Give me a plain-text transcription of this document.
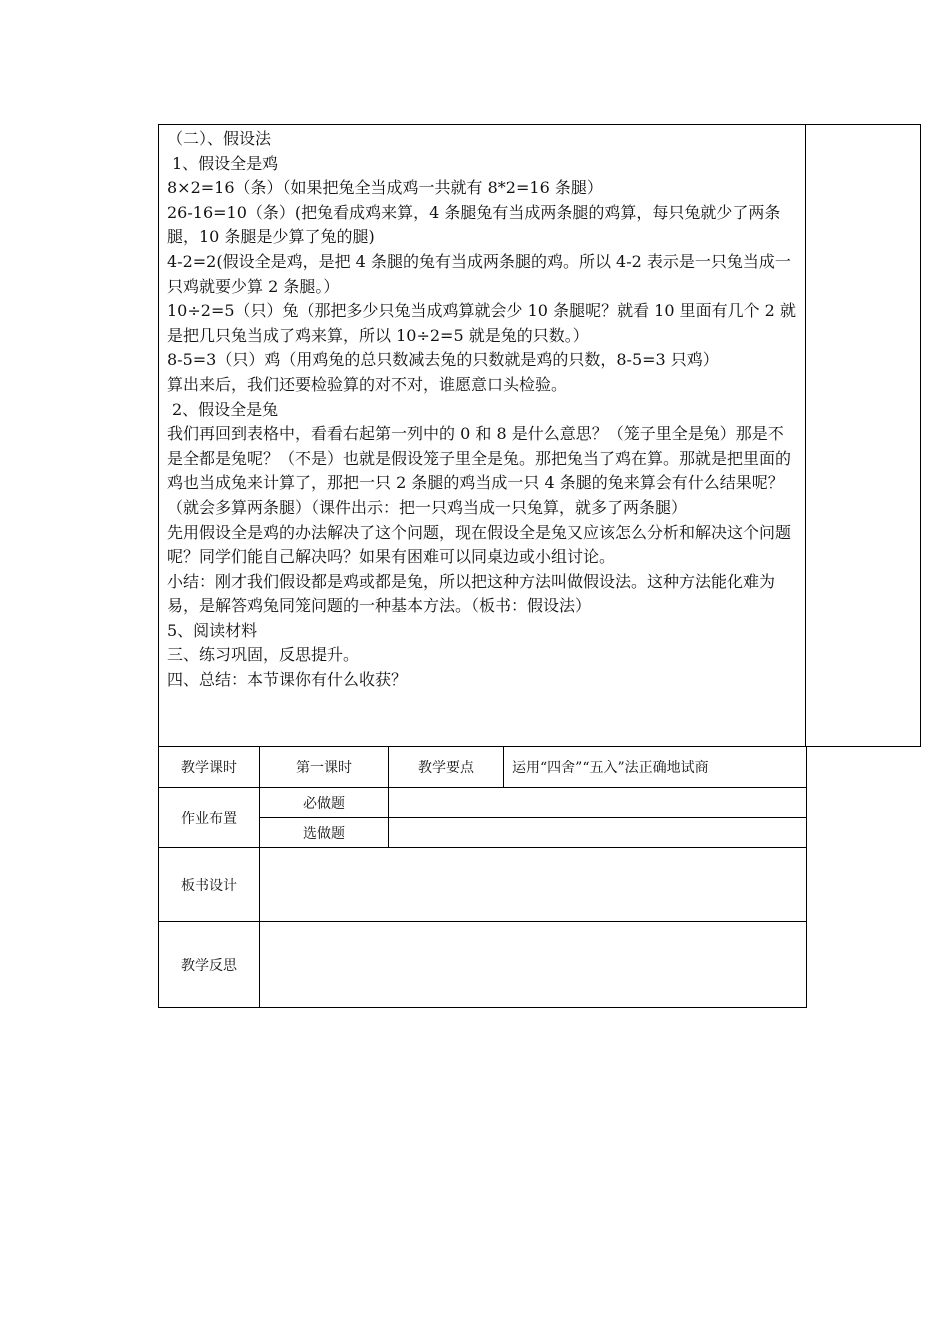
（二）、假设法
1、假设全是鸡
8×2=16（条）（如果把兔全当成鸡一共就有 8*2=16 条腿）
26-16=10（条）(把兔看成鸡来算，4 条腿兔有当成两条腿的鸡算，每只兔就少了两条腿，10 条腿是少算了兔的腿)
4-2=2(假设全是鸡，是把 4 条腿的兔有当成两条腿的鸡。所以 4-2 表示是一只兔当成一只鸡就要少算 2 条腿。）
10÷2=5（只）兔（那把多少只兔当成鸡算就会少 10 条腿呢？就看 10 里面有几个 2 就是把几只兔当成了鸡来算，所以 10÷2=5 就是兔的只数。）
8-5=3（只）鸡（用鸡兔的总只数减去兔的只数就是鸡的只数，8-5=3 只鸡）
算出来后，我们还要检验算的对不对，谁愿意口头检验。
2、假设全是兔
我们再回到表格中，看看右起第一列中的 0 和 8 是什么意思？（笼子里全是兔）那是不是全都是兔呢？（不是）也就是假设笼子里全是兔。那把兔当了鸡在算。那就是把里面的鸡也当成兔来计算了，那把一只 2 条腿的鸡当成一只 4 条腿的兔来算会有什么结果呢？（就会多算两条腿）（课件出示：把一只鸡当成一只兔算，就多了两条腿）
先用假设全是鸡的办法解决了这个问题，现在假设全是兔又应该怎么分析和解决这个问题呢？同学们能自己解决吗？如果有困难可以同桌边或小组讨论。
小结：刚才我们假设都是鸡或都是兔，所以把这种方法叫做假设法。这种方法能化难为易，是解答鸡兔同笼问题的一种基本方法。（板书：假设法）
5、阅读材料
三、练习巩固，反思提升。
四、总结：本节课你有什么收获？
教学课时	第一课时	教学要点	运用“四舍”“五入”法正确地试商
作业布置	必做题		
	选做题		
板书设计			
教学反思			
